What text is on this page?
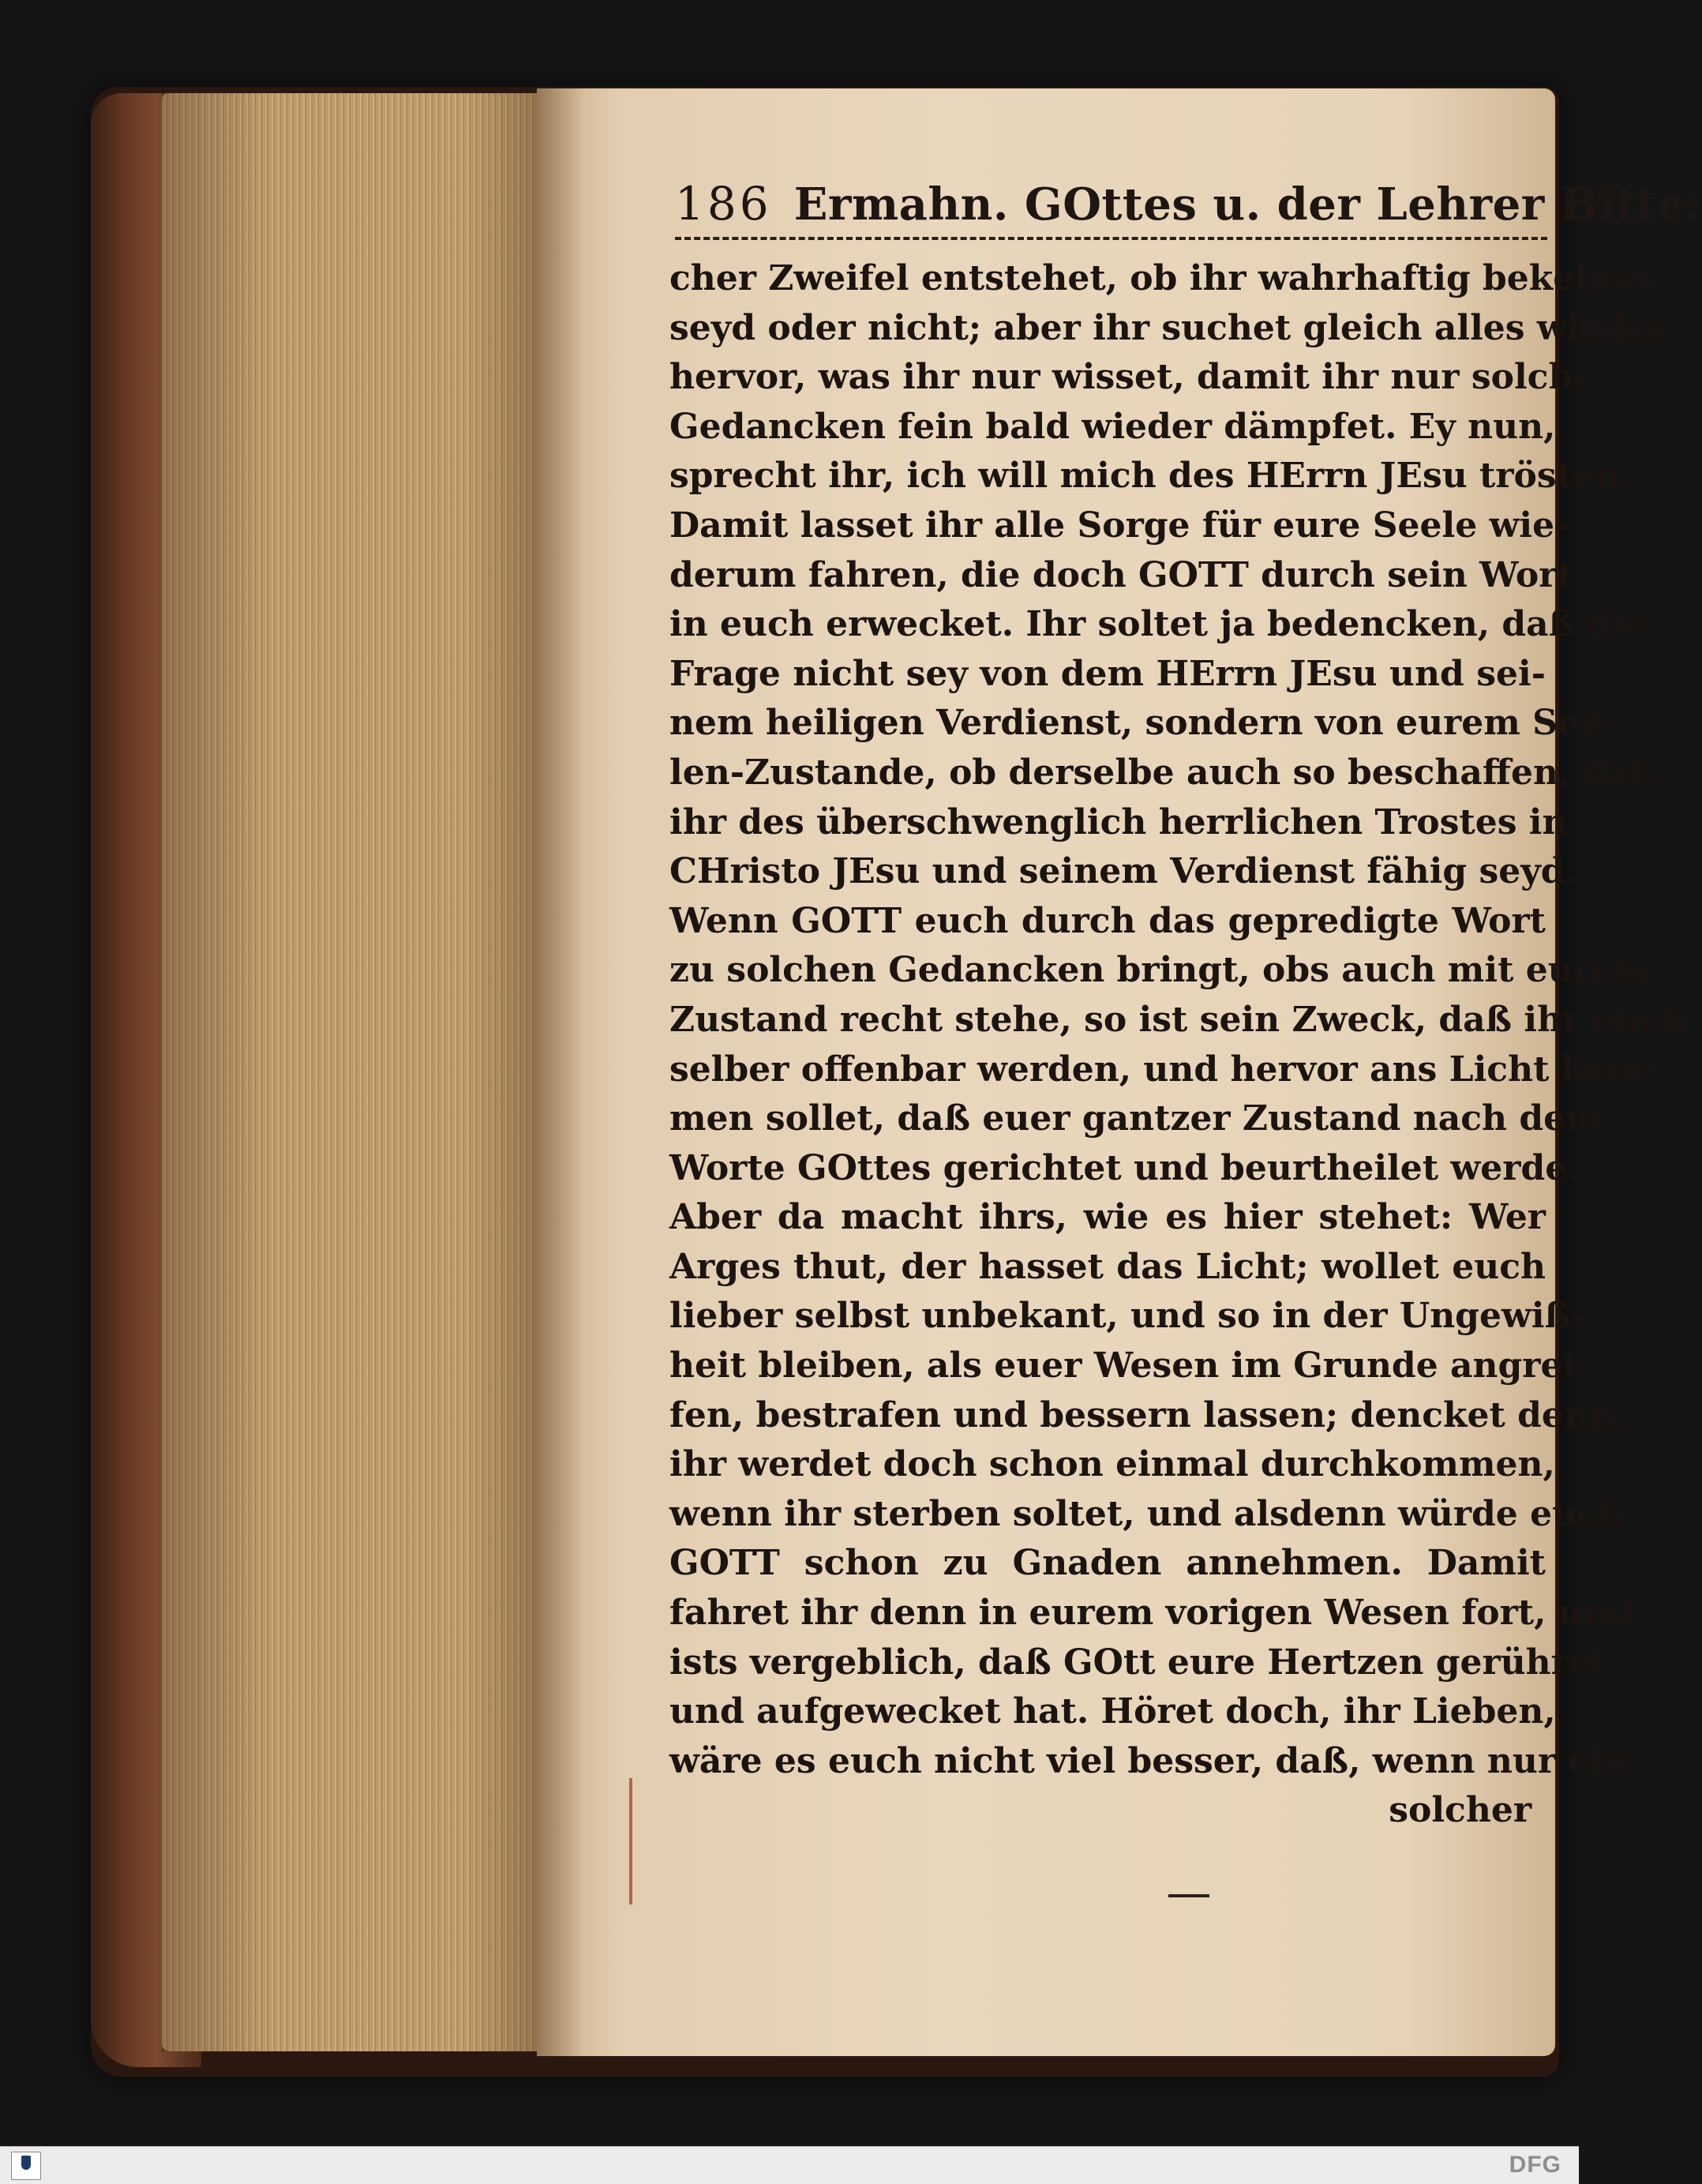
186 Ermahn. GOttes u. der Lehrer Bitte:
cher Zweifel entstehet, ob ihr wahrhaftig bekehret
seyd oder nicht; aber ihr suchet gleich alles wieder
hervor, was ihr nur wisset, damit ihr nur solche
Gedancken fein bald wieder dämpfet. Ey nun,
sprecht ihr, ich will mich des HErrn JEsu trösten.
Damit lasset ihr alle Sorge für eure Seele wie-
derum fahren, die doch GOTT durch sein Wort
in euch erwecket. Ihr soltet ja bedencken, daß die
Frage nicht sey von dem HErrn JEsu und sei-
nem heiligen Verdienst, sondern von eurem See-
len-Zustande, ob derselbe auch so beschaffen, daß
ihr des überschwenglich herrlichen Trostes in
CHristo JEsu und seinem Verdienst fähig seyd.
Wenn GOTT euch durch das gepredigte Wort
zu solchen Gedancken bringt, obs auch mit eurem
Zustand recht stehe, so ist sein Zweck, daß ihr euch
selber offenbar werden, und hervor ans Licht kom-
men sollet, daß euer gantzer Zustand nach dem
Worte GOttes gerichtet und beurtheilet werde.
Aber da macht ihrs, wie es hier stehet: Wer
Arges thut, der hasset das Licht; wollet euch
lieber selbst unbekant, und so in der Ungewiß-
heit bleiben, als euer Wesen im Grunde angrei-
fen, bestrafen und bessern lassen; dencket denn,
ihr werdet doch schon einmal durchkommen,
wenn ihr sterben soltet, und alsdenn würde euch
GOTT schon zu Gnaden annehmen. Damit
fahret ihr denn in eurem vorigen Wesen fort, und
ists vergeblich, daß GOtt eure Hertzen gerühret
und aufgewecket hat. Höret doch, ihr Lieben,
wäre es euch nicht viel besser, daß, wenn nur ein
solcher
DFG
